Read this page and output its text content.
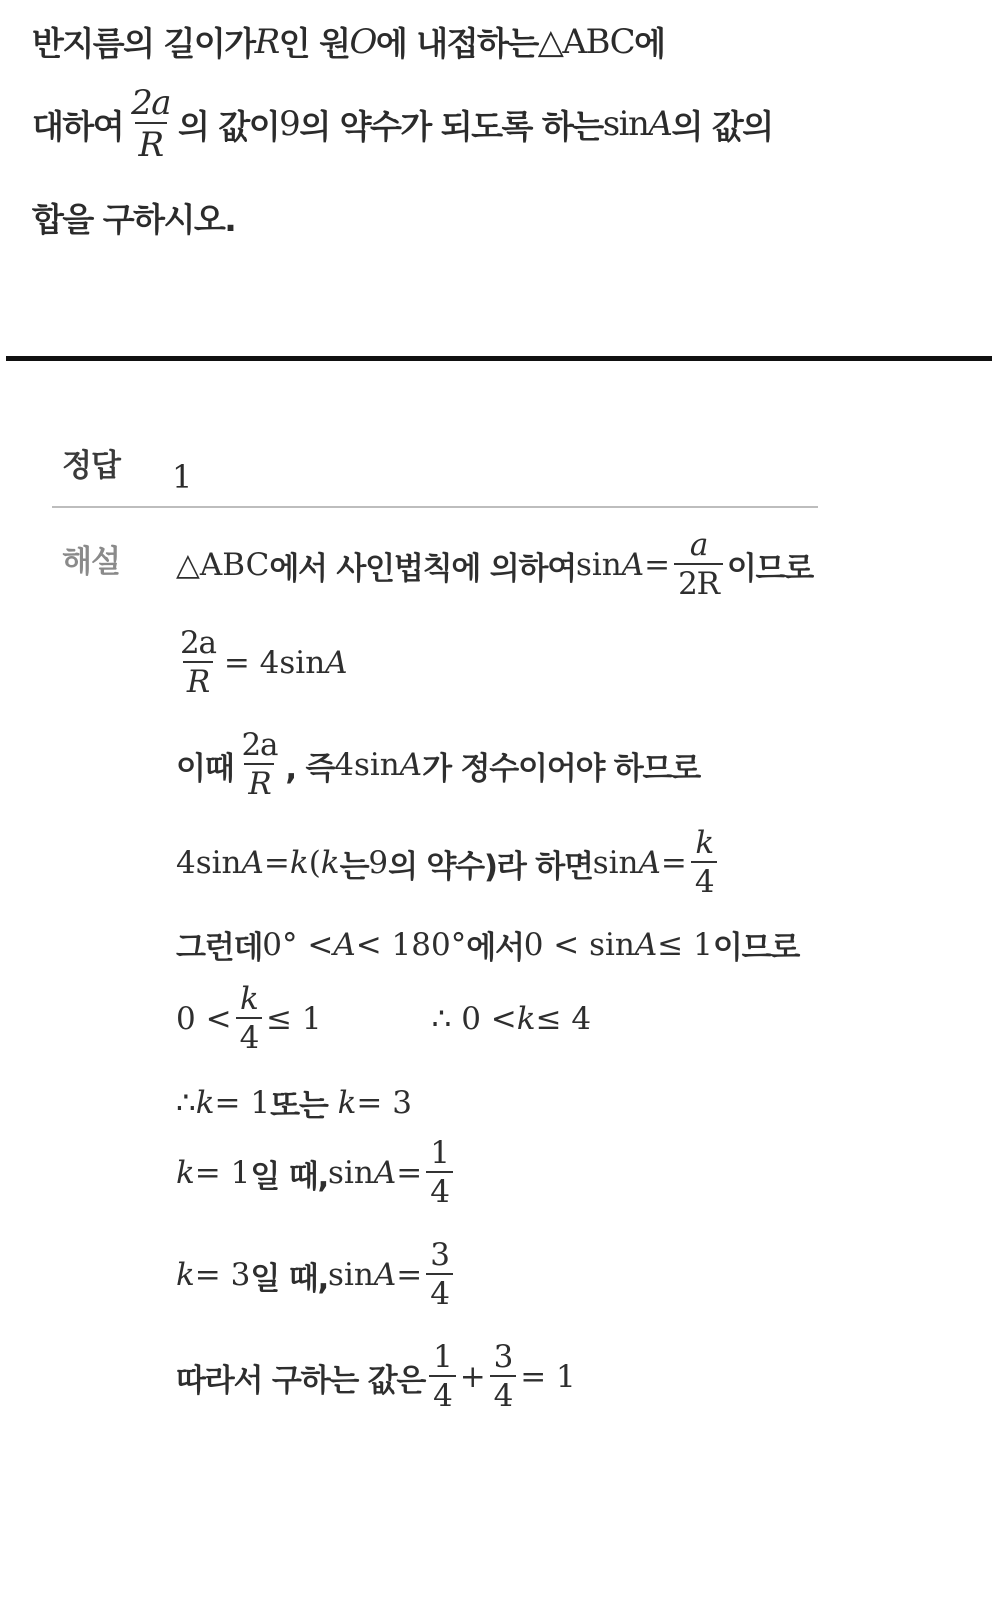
반지름의 길이가 R 인 원 O 에 내접하는 △ABC 에
대하여 $\frac{2a}{R}$ 의 값이 9 의 약수가 되도록 하는 sin A 의 값의
합을 구하시오.
정답 1
해설 △ABC 에서 사인법칙에 의하여 $\sin A = \frac{a}{2R}$ 이므로
$\frac{2a}{R} = 4\sin$ A
이때 $\frac{2a}{R}$ , 즉 4sin A 가 정수이어야 하므로
4sin A = k ( k 는 9 의 약수)라 하면 $\sin A = \frac{k}{4}$
그런데 0° < A < 180° 에서 0 < sin A ≤ 1 이므로
$0 < \frac{k}{4} \le 1$	∴ 0 < k ≤ 4
∴ k = 1 또는 k = 3
k = 1 일 때, $\sin A = \frac{1}{4}$
k = 3 일 때, $\sin A = \frac{3}{4}$
따라서 구하는 값은 $\frac{1}{4} + \frac{3}{4} = 1$
